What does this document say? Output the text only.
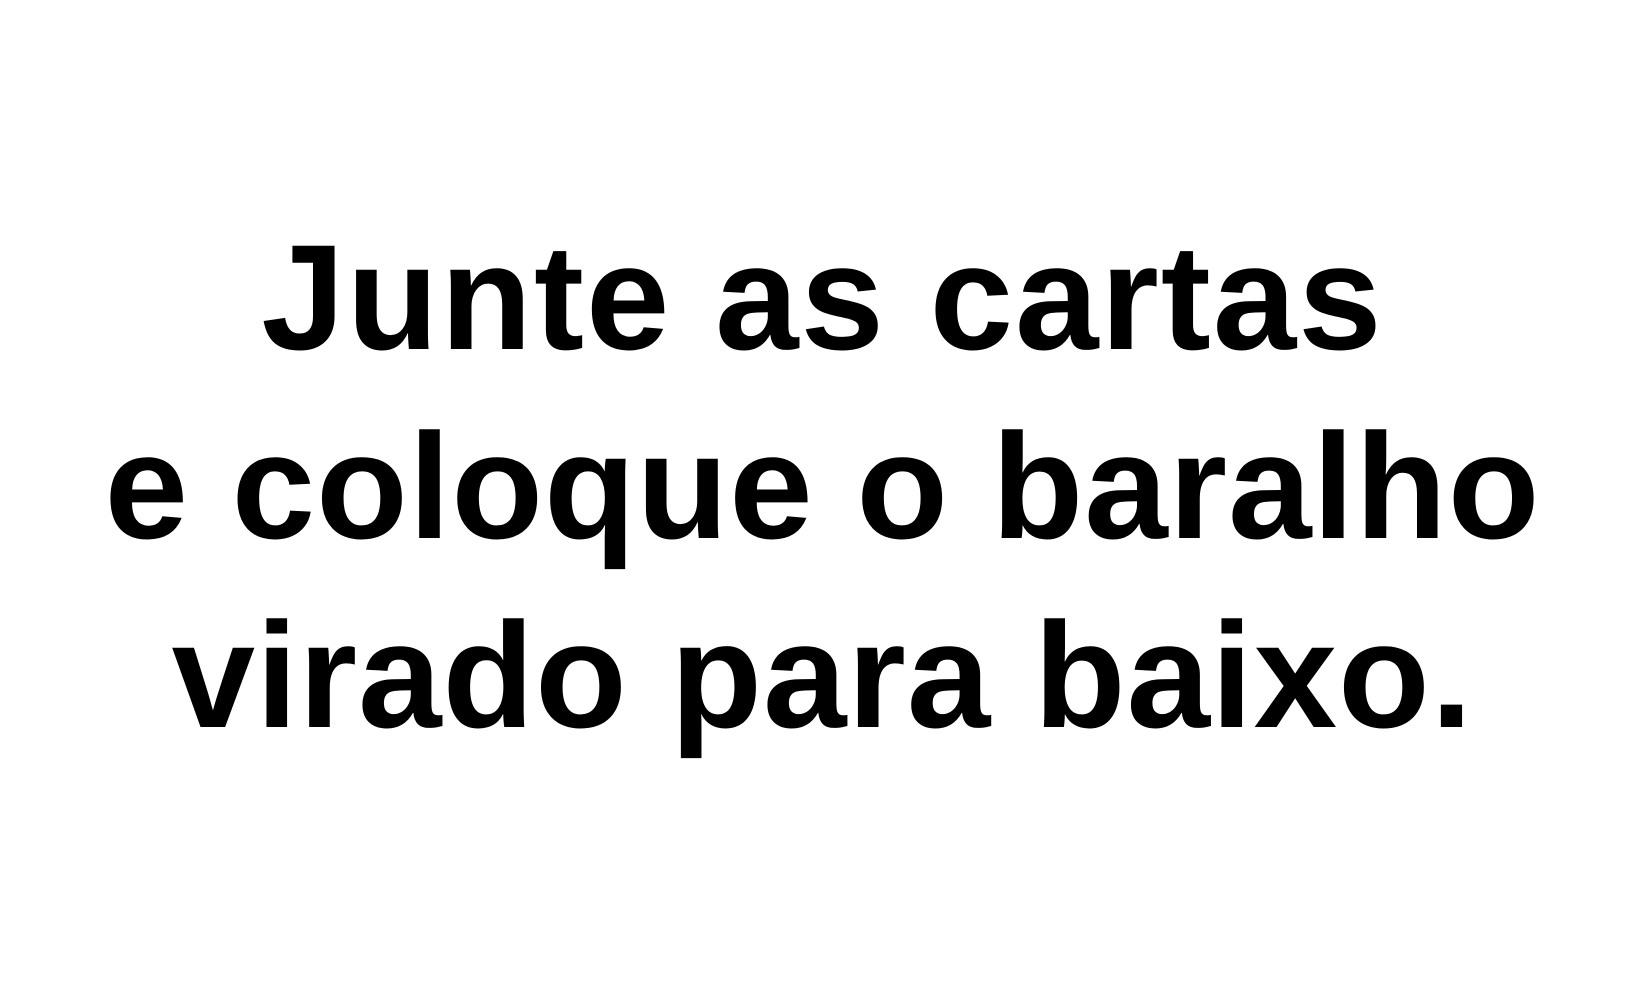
Junte as cartas

e coloque o baralho

virado para baixo.
